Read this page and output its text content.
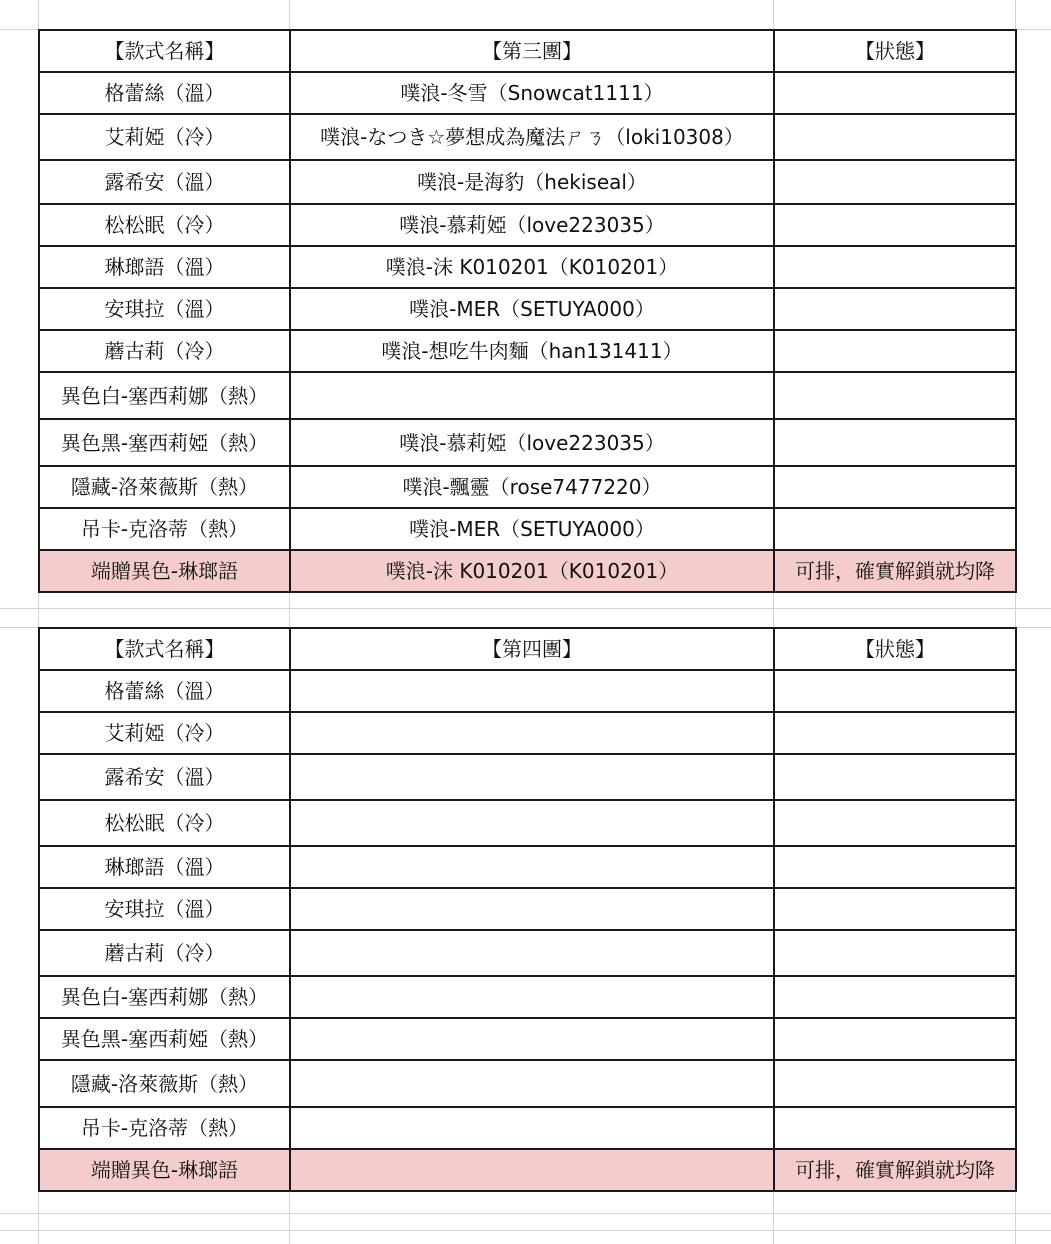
【款式名稱】	【第三團】	【狀態】
格蕾絲（溫）	噗浪-冬雪（Snowcat1111）	
艾莉婭（冷）	噗浪-なつき☆夢想成為魔法ㄕㄋ（loki10308）	
露希安（溫）	噗浪-是海豹（hekiseal）	
松松眠（冷）	噗浪-慕莉婭（love223035）	
琳瑯語（溫）	噗浪-沫 K010201（K010201）	
安琪拉（溫）	噗浪-MER（SETUYA000）	
蘑古莉（冷）	噗浪-想吃牛肉麵（han131411）	
異色白-塞西莉娜（熱）		
異色黑-塞西莉婭（熱）	噗浪-慕莉婭（love223035）	
隱藏-洛萊薇斯（熱）	噗浪-飄靈（rose7477220）	
吊卡-克洛蒂（熱）	噗浪-MER（SETUYA000）	
端贈異色-琳瑯語	噗浪-沫 K010201（K010201）	可排，確實解鎖就均降
【款式名稱】	【第四團】	【狀態】
格蕾絲（溫）		
艾莉婭（冷）		
露希安（溫）		
松松眠（冷）		
琳瑯語（溫）		
安琪拉（溫）		
蘑古莉（冷）		
異色白-塞西莉娜（熱）		
異色黑-塞西莉婭（熱）		
隱藏-洛萊薇斯（熱）		
吊卡-克洛蒂（熱）		
端贈異色-琳瑯語		可排，確實解鎖就均降
